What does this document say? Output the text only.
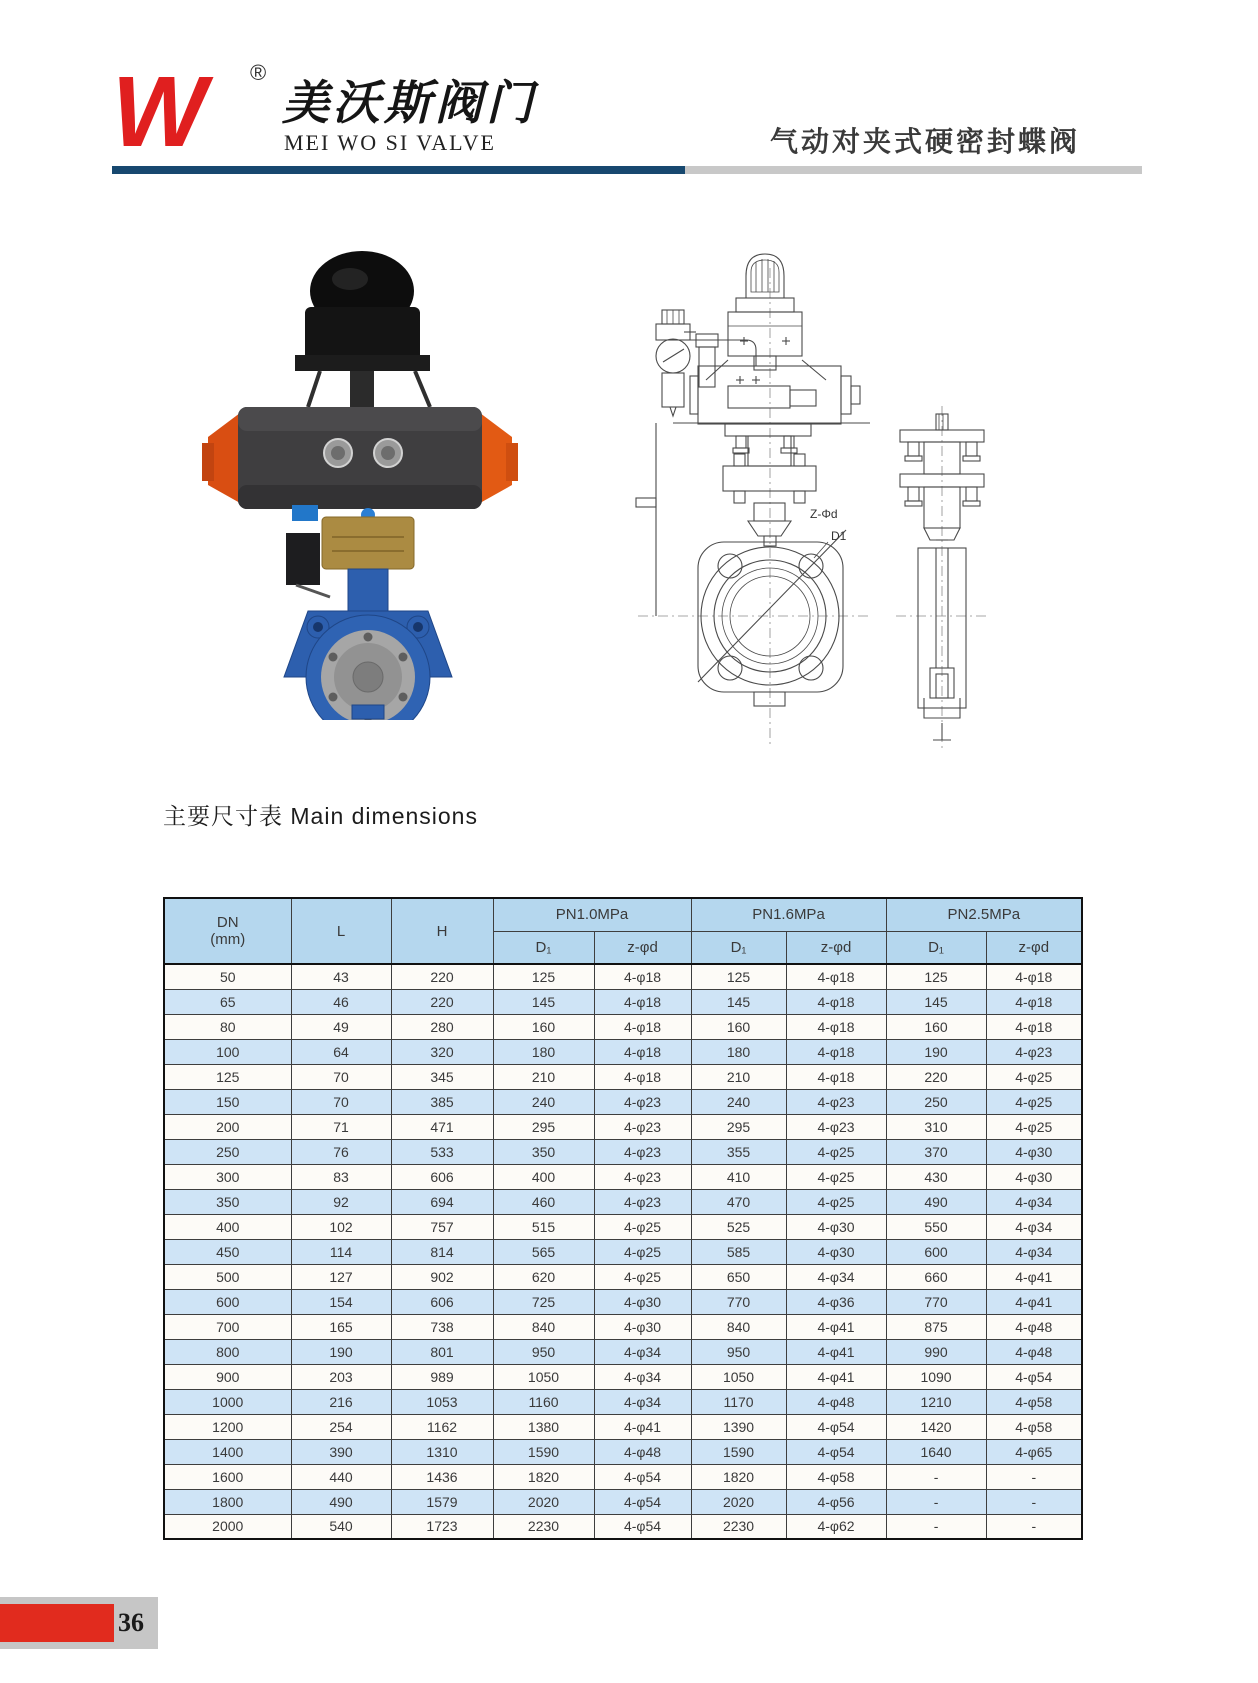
W	®
美沃斯阀门
MEI WO SI VALVE	气动对夹式硬密封蝶阀
Z-Φd
D1
主要尺寸表 Main dimensions
DN
(mm)	L	H	PN1.0MPa		PN1.6MPa		PN2.5MPa	
			D₁	z-φd	D₁	z-φd	D₁	z-φd
50	43	220	125	4-φ18	125	4-φ18	125	4-φ18
65	46	220	145	4-φ18	145	4-φ18	145	4-φ18
80	49	280	160	4-φ18	160	4-φ18	160	4-φ18
100	64	320	180	4-φ18	180	4-φ18	190	4-φ23
125	70	345	210	4-φ18	210	4-φ18	220	4-φ25
150	70	385	240	4-φ23	240	4-φ23	250	4-φ25
200	71	471	295	4-φ23	295	4-φ23	310	4-φ25
250	76	533	350	4-φ23	355	4-φ25	370	4-φ30
300	83	606	400	4-φ23	410	4-φ25	430	4-φ30
350	92	694	460	4-φ23	470	4-φ25	490	4-φ34
400	102	757	515	4-φ25	525	4-φ30	550	4-φ34
450	114	814	565	4-φ25	585	4-φ30	600	4-φ34
500	127	902	620	4-φ25	650	4-φ34	660	4-φ41
600	154	606	725	4-φ30	770	4-φ36	770	4-φ41
700	165	738	840	4-φ30	840	4-φ41	875	4-φ48
800	190	801	950	4-φ34	950	4-φ41	990	4-φ48
900	203	989	1050	4-φ34	1050	4-φ41	1090	4-φ54
1000	216	1053	1160	4-φ34	1170	4-φ48	1210	4-φ58
1200	254	1162	1380	4-φ41	1390	4-φ54	1420	4-φ58
1400	390	1310	1590	4-φ48	1590	4-φ54	1640	4-φ65
1600	440	1436	1820	4-φ54	1820	4-φ58	-	-
1800	490	1579	2020	4-φ54	2020	4-φ56	-	-
2000	540	1723	2230	4-φ54	2230	4-φ62	-	-
36
